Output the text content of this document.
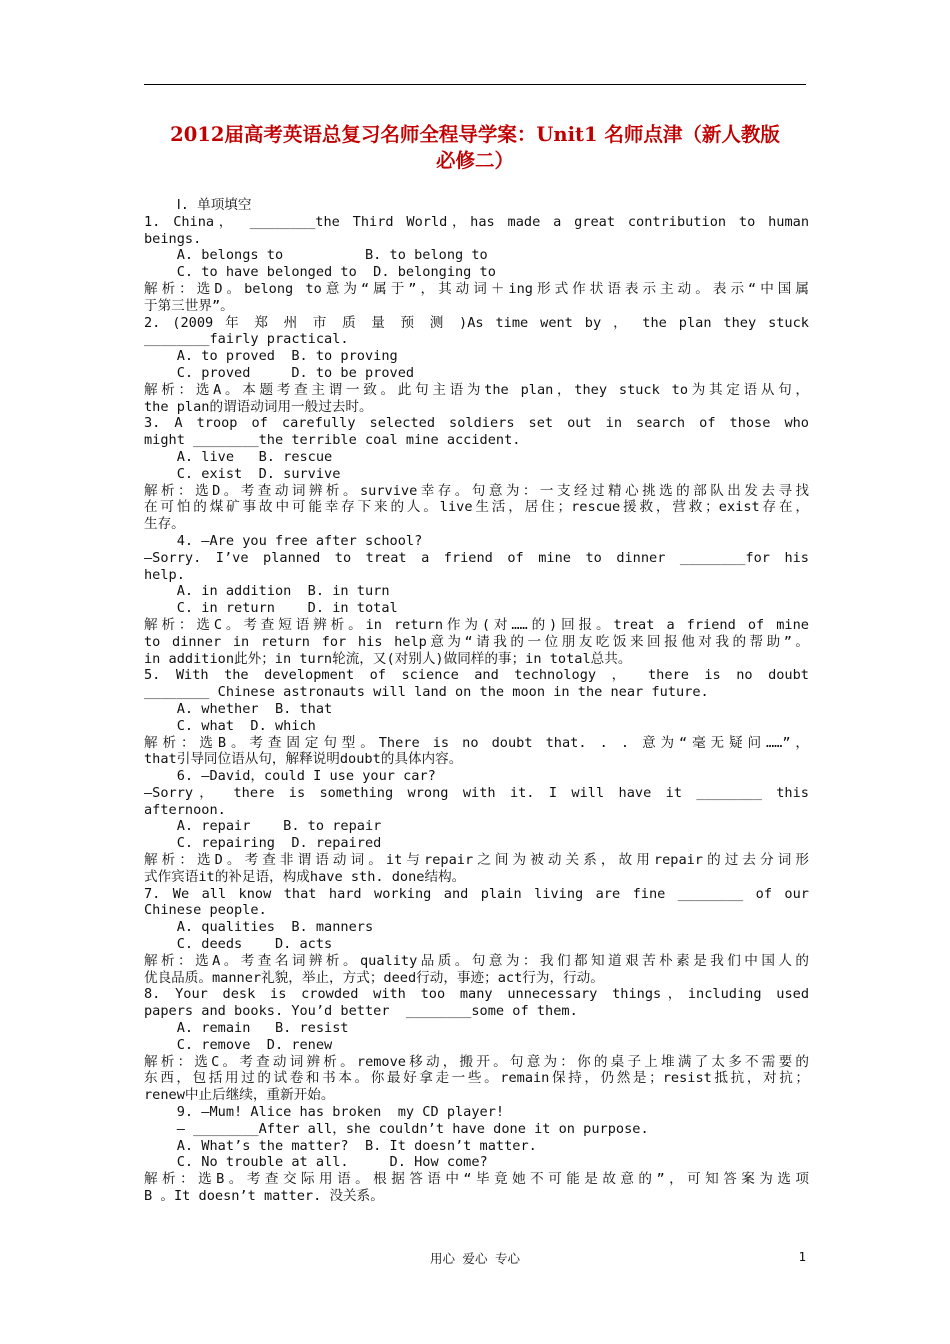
2012届高考英语总复习名师全程导学案：Unit1 名师点津（新人教版
必修二）
Ⅰ. 单项填空
1. China， ________the Third World，has made a great contribution to human
beings.
A. belongs to          B. to belong to
C. to have belonged to  D. belonging to
解析：选D。belong to意为“属于”，其动词＋ing形式作状语表示主动。表示“中国属
于第三世界”。
2. (2009 年 郑 州 市 质 量 预 测 )As time went by ， the plan they stuck
________fairly practical.
A. to proved  B. to proving
C. proved     D. to be proved
解析：选A。本题考查主谓一致。此句主语为the plan，they stuck to为其定语从句，
the plan的谓语动词用一般过去时。
3. A troop of carefully selected soldiers set out in search of those who
might ________the terrible coal mine accident.
A. live   B. rescue
C. exist  D. survive
解析：选D。考查动词辨析。survive幸存。句意为：一支经过精心挑选的部队出发去寻找
在可怕的煤矿事故中可能幸存下来的人。live生活，居住；rescue援救，营救；exist存在，
生存。
4. —Are you free after school?
—Sorry. I’ve planned to treat a friend of mine to dinner ________for his
help.
A. in addition  B. in turn
C. in return    D. in total
解析：选C。考查短语辨析。in return作为(对……的)回报。treat a friend of mine
to dinner in return for his help意为“请我的一位朋友吃饭来回报他对我的帮助”。
in addition此外；in turn轮流，又(对别人)做同样的事；in total总共。
5. With the development of science and technology ， there is no doubt
________ Chinese astronauts will land on the moon in the near future.
A. whether  B. that
C. what  D. which
解析：选B。考查固定句型。There is no doubt that. . . 意为“毫无疑问……”，
that引导同位语从句，解释说明doubt的具体内容。
6. —David，could I use your car?
—Sorry， there is something wrong with it. I will have it ________ this
afternoon.
A. repair    B. to repair
C. repairing  D. repaired
解析：选D。考查非谓语动词。it与repair之间为被动关系，故用repair的过去分词形
式作宾语it的补足语，构成have sth. done结构。
7. We all know that hard working and plain living are fine ________ of our
Chinese people.
A. qualities  B. manners
C. deeds    D. acts
解析：选A。考查名词辨析。quality品质。句意为：我们都知道艰苦朴素是我们中国人的
优良品质。manner礼貌，举止，方式；deed行动，事迹；act行为，行动。
8. Your desk is crowded with too many unnecessary things，including used
papers and books. You’d better  ________some of them.
A. remain   B. resist
C. remove  D. renew
解析：选C。考查动词辨析。remove移动，搬开。句意为：你的桌子上堆满了太多不需要的
东西，包括用过的试卷和书本。你最好拿走一些。remain保持，仍然是；resist抵抗，对抗；
renew中止后继续，重新开始。
9. —Mum! Alice has broken  my CD player!
— ________After all，she couldn’t have done it on purpose.
A. What’s the matter?  B. It doesn’t matter.
C. No trouble at all.     D. How come?
解析：选B。考查交际用语。根据答语中“毕竟她不可能是故意的”，可知答案为选项
B 。It doesn’t matter. 没关系。
用心 爱心 专心	1
